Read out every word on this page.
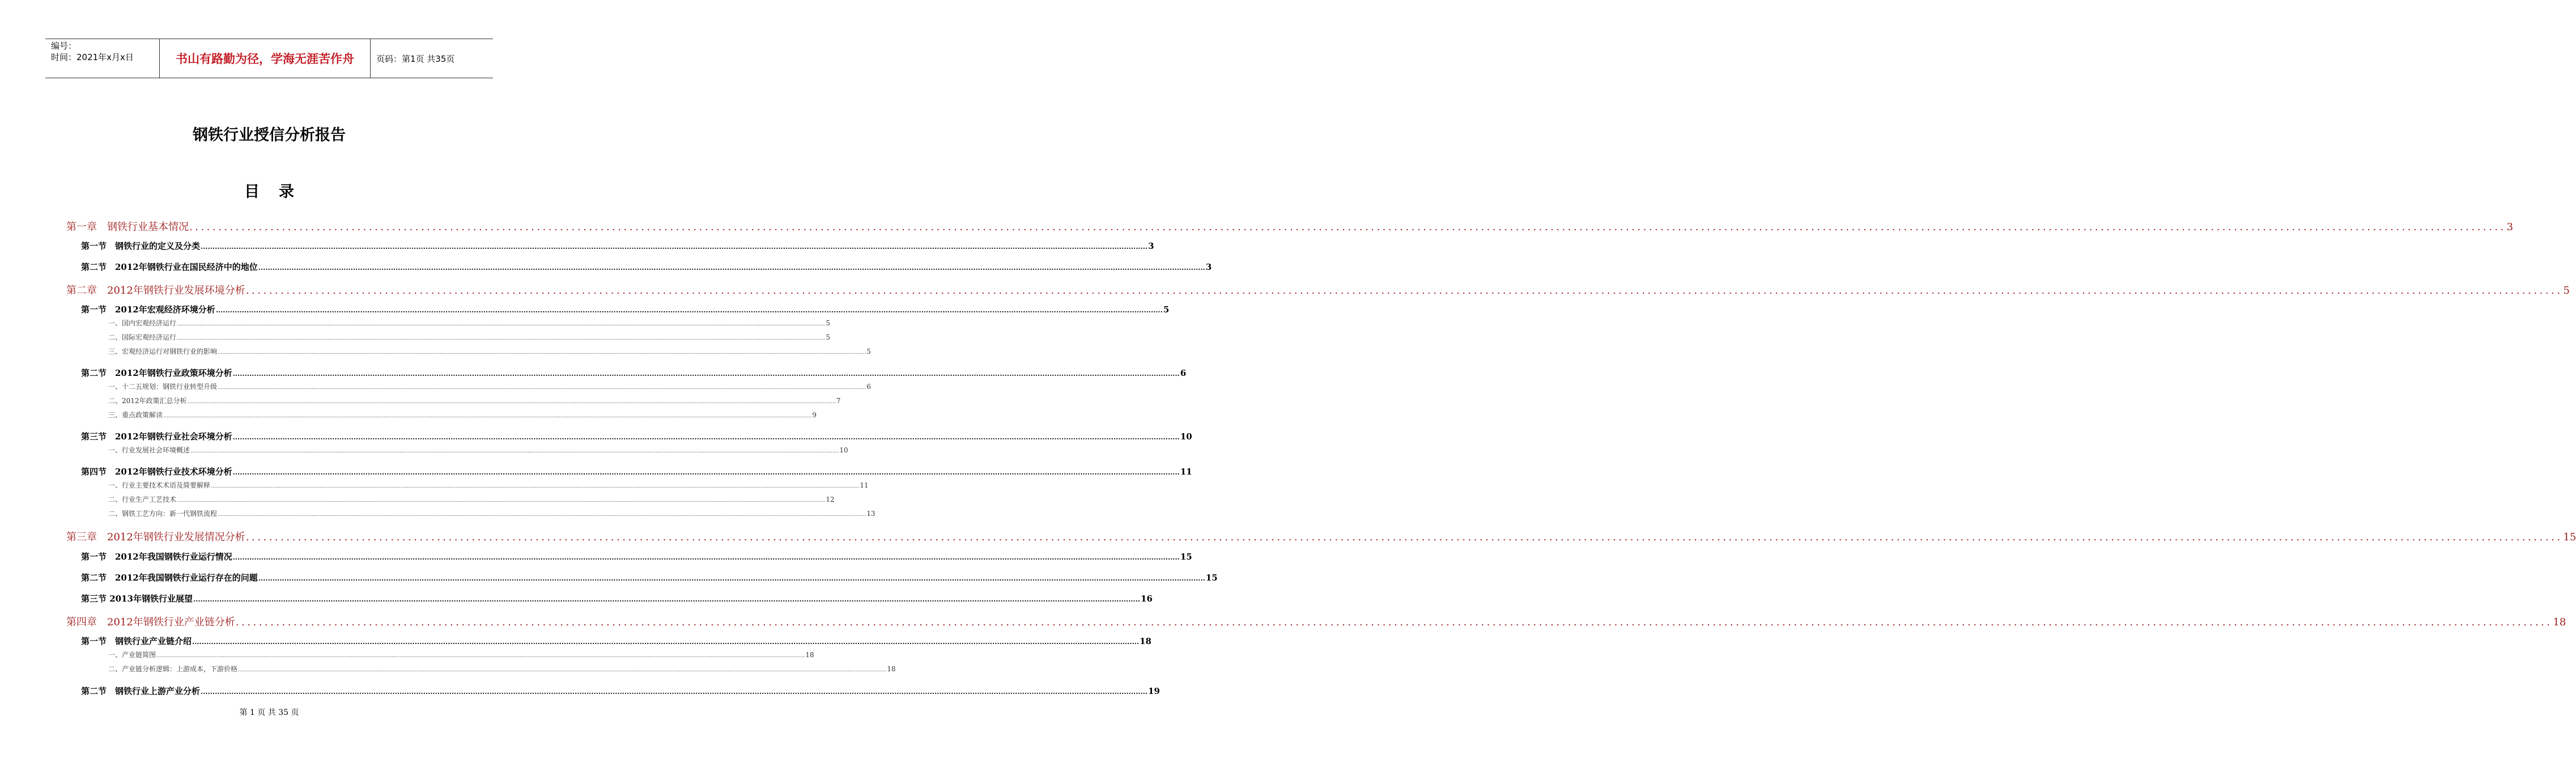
编号：
时间：2021年x月x日	书山有路勤为径，学海无涯苦作舟	页码：第1页 共35页
钢铁行业授信分析报告
目录
第一章　钢铁行业基本情况 ................................................................................................................................................................................................................................................................................................................................................................................................................ 3
第一节　钢铁行业的定义及分类 ................................................................................................................................................................................................................................................................................................................................................................................................................ 3
第二节　2012年钢铁行业在国民经济中的地位 ................................................................................................................................................................................................................................................................................................................................................................................................................ 3
第二章　2012年钢铁行业发展环境分析 ................................................................................................................................................................................................................................................................................................................................................................................................................ 5
第一节　2012年宏观经济环境分析 ................................................................................................................................................................................................................................................................................................................................................................................................................ 5
一、国内宏观经济运行 ................................................................................................................................................................................................................................................................................................................................................................................................................ 5
二、国际宏观经济运行 ................................................................................................................................................................................................................................................................................................................................................................................................................ 5
三、宏观经济运行对钢铁行业的影响 ................................................................................................................................................................................................................................................................................................................................................................................................................ 5
第二节　2012年钢铁行业政策环境分析 ................................................................................................................................................................................................................................................................................................................................................................................................................ 6
一、十二五规划：钢铁行业转型升级 ................................................................................................................................................................................................................................................................................................................................................................................................................ 6
二、2012年政策汇总分析 ................................................................................................................................................................................................................................................................................................................................................................................................................ 7
三、重点政策解读 ................................................................................................................................................................................................................................................................................................................................................................................................................ 9
第三节　2012年钢铁行业社会环境分析 ................................................................................................................................................................................................................................................................................................................................................................................................................ 10
一、行业发展社会环境概述 ................................................................................................................................................................................................................................................................................................................................................................................................................ 10
第四节　2012年钢铁行业技术环境分析 ................................................................................................................................................................................................................................................................................................................................................................................................................ 11
一、行业主要技术术语及简要解释 ................................................................................................................................................................................................................................................................................................................................................................................................................ 11
二、行业生产工艺技术 ................................................................................................................................................................................................................................................................................................................................................................................................................ 12
二、钢铁工艺方向：新一代钢铁流程 ................................................................................................................................................................................................................................................................................................................................................................................................................ 13
第三章　2012年钢铁行业发展情况分析 ................................................................................................................................................................................................................................................................................................................................................................................................................ 15
第一节　2012年我国钢铁行业运行情况 ................................................................................................................................................................................................................................................................................................................................................................................................................ 15
第二节　2012年我国钢铁行业运行存在的问题 ................................................................................................................................................................................................................................................................................................................................................................................................................ 15
第三节 2013年钢铁行业展望 ................................................................................................................................................................................................................................................................................................................................................................................................................ 16
第四章　2012年钢铁行业产业链分析 ................................................................................................................................................................................................................................................................................................................................................................................................................ 18
第一节　钢铁行业产业链介绍 ................................................................................................................................................................................................................................................................................................................................................................................................................ 18
一、产业链简图 ................................................................................................................................................................................................................................................................................................................................................................................................................ 18
二、产业链分析逻辑：上游成本，下游价格 ................................................................................................................................................................................................................................................................................................................................................................................................................ 18
第二节　钢铁行业上游产业分析 ................................................................................................................................................................................................................................................................................................................................................................................................................ 19
第 1 页 共 35 页
